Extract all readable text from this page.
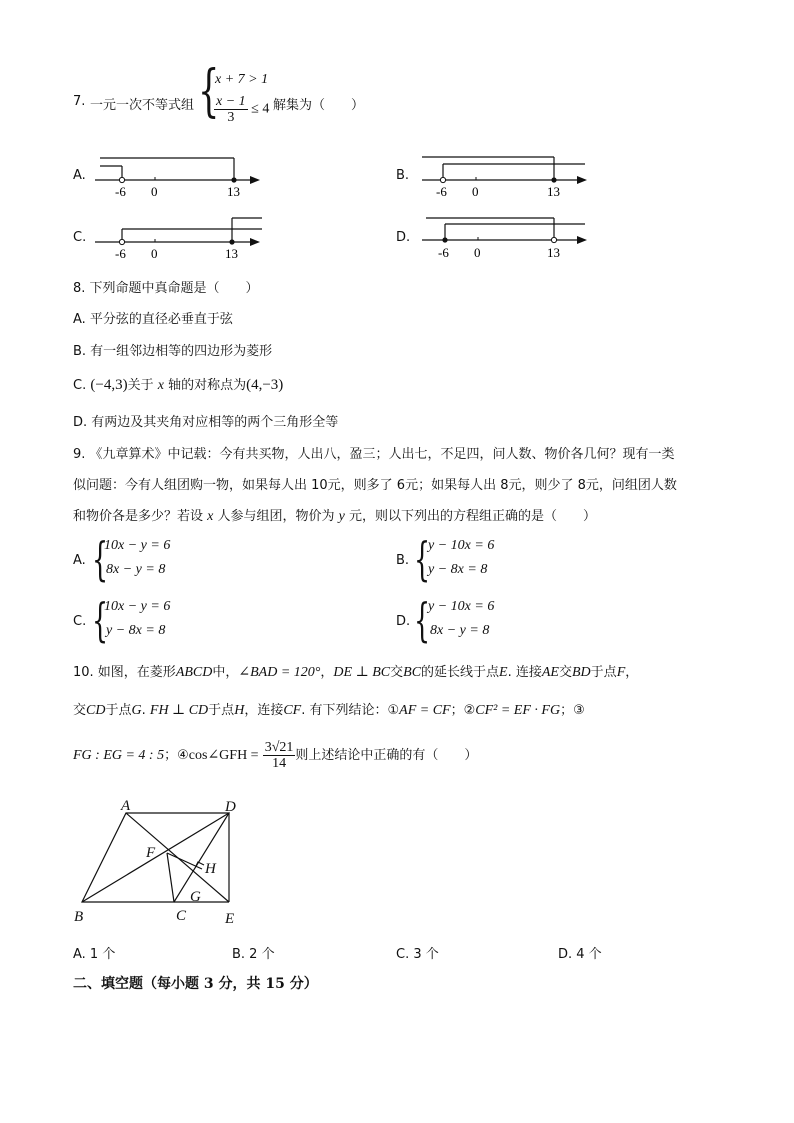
7. 一元一次不等式组 {
x + 7 > 1
$\frac{x - 1}{3} \le 4$ 解集为（　　）
A.
-6 0	13
B.
-6 0	13
C.
-6 0	13
D.
-6 0	13
8. 下列命题中真命题是（　　）
A. 平分弦的直径必垂直于弦
B. 有一组邻边相等的四边形为菱形
C. (−4,3)关于 x 轴的对称点为(4,−3)
D. 有两边及其夹角对应相等的两个三角形全等
9. 《九章算术》中记载：今有共买物，人出八，盈三；人出七，不足四，问人数、物价各几何？现有一类
似问题：今有人组团购一物，如果每人出 10元，则多了 6元；如果每人出 8元，则少了 8元，问组团人数
和物价各是多少？若设 x 人参与组团，物价为 y 元，则以下列出的方程组正确的是（　　）
A. {
10x − y = 6
8x − y = 8
B. {
y − 10x = 6
y − 8x = 8
C. {
10x − y = 6
y − 8x = 8
D. {
y − 10x = 6
8x − y = 8
10. 如图，在菱形ABCD中，∠BAD = 120°，DE ⊥ BC交BC的延长线于点E. 连接AE交BD于点F，
交CD于点G. FH ⊥ CD于点H，连接CF. 有下列结论：①AF = CF；②CF² = EF · FG；③
FG : EG = 4 : 5；④cos∠GFH = $\frac{3√21}{14}$ 则上述结论中正确的有（　　）
A	D
F
H
G
B	C	E
A. 1 个	B. 2 个	C. 3 个	D. 4 个
二、填空题（每小题 3 分，共 15 分）
